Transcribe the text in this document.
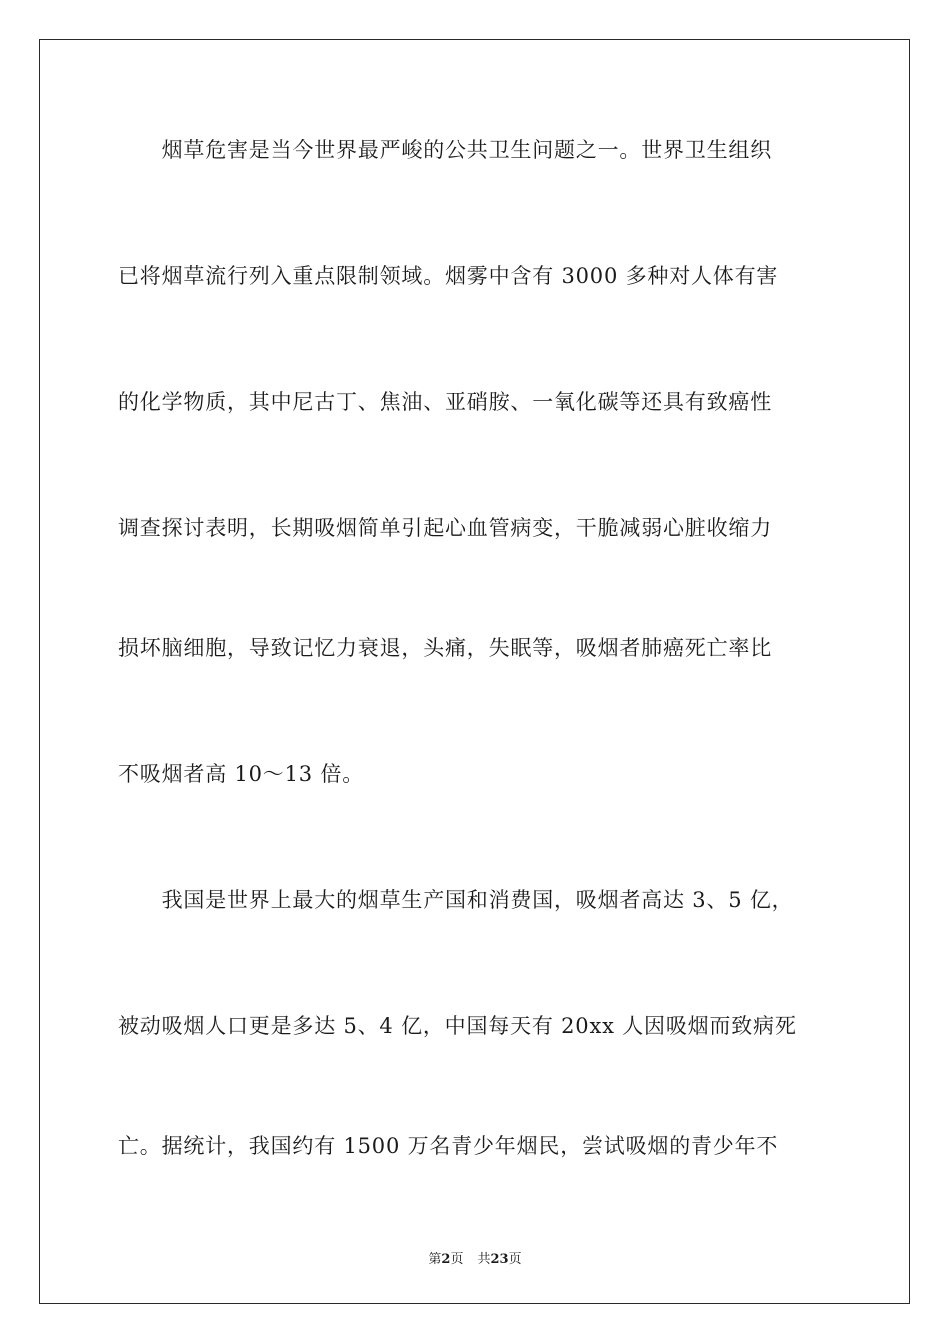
　　烟草危害是当今世界最严峻的公共卫生问题之一。世界卫生组织
已将烟草流行列入重点限制领域。烟雾中含有 3000 多种对人体有害
的化学物质，其中尼古丁、焦油、亚硝胺、一氧化碳等还具有致癌性
调查探讨表明，长期吸烟简单引起心血管病变，干脆减弱心脏收缩力
损坏脑细胞，导致记忆力衰退，头痛，失眠等，吸烟者肺癌死亡率比
不吸烟者高 10～13 倍。
　　我国是世界上最大的烟草生产国和消费国，吸烟者高达 3、5 亿，
被动吸烟人口更是多达 5、4 亿，中国每天有 20xx 人因吸烟而致病死
亡。据统计，我国约有 1500 万名青少年烟民，尝试吸烟的青少年不
第2页 共23页
